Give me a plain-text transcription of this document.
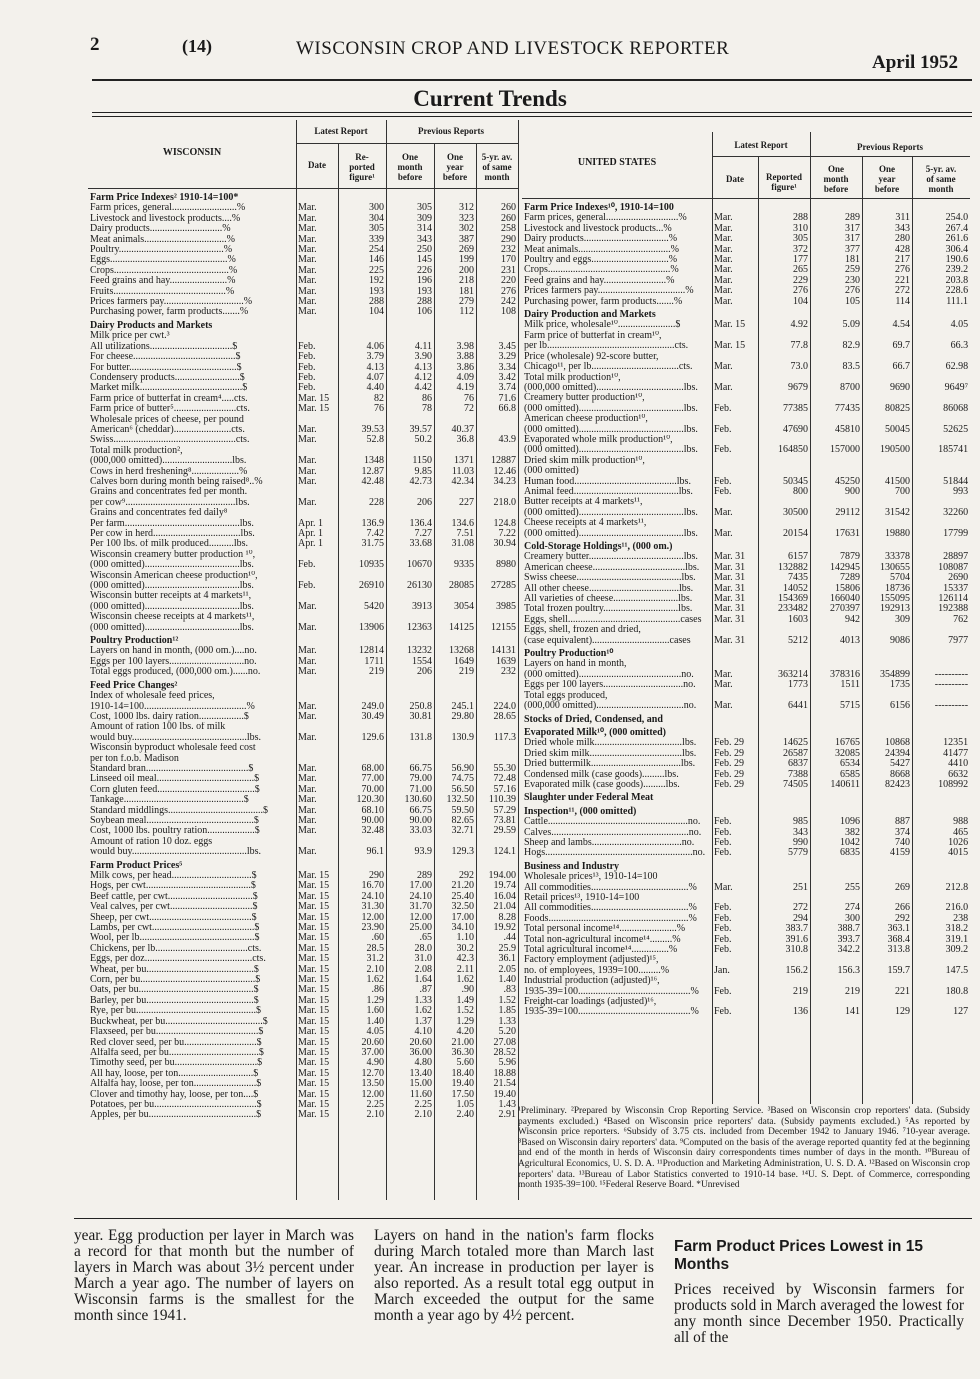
2	(14)	WISCONSIN CROP AND LIVESTOCK REPORTER
April 1952
Current Trends
WISCONSIN
Latest Report	Previous Reports
Date
Re-
ported
figure¹
One
month
before
One
year
before
5-yr. av.
of same
month
Farm Price Indexes² 1910-14=100*					
Farm prices, general..........................%	Mar.	300	305	312	260
Livestock and livestock products....%	Mar.	304	309	323	260
Dairy products.............................%	Mar.	305	314	302	258
Meat animals.................................%	Mar.	339	343	387	290
Poultry..........................................%	Mar.	254	250	269	232
Eggs...............................................%	Mar.	146	145	199	170
Crops..............................................%	Mar.	225	226	200	231
Feed grains and hay.......................%	Mar.	192	196	218	220
Fruits.............................................%	Mar.	193	193	181	276
Prices farmers pay................................%	Mar.	288	288	279	242
Purchasing power, farm products.......%	Mar.	104	106	112	108
Dairy Products and Markets					
Milk price per cwt.³					
All utilizations.................................$	Feb.	4.06	4.11	3.98	3.45
For cheese.........................................$	Feb.	3.79	3.90	3.88	3.29
For butter...........................................$	Feb.	4.13	4.13	3.86	3.34
Condensery products..........................$	Feb.	4.07	4.12	4.09	3.42
Market milk.........................................$	Feb.	4.40	4.42	4.19	3.74
Farm price of butterfat in cream⁴.....cts.	Mar. 15	82	86	76	71.6
Farm price of butter⁵.........................cts.	Mar. 15	76	78	72	66.8
Wholesale prices of cheese, per pound					
American⁶ (cheddar).......................cts.	Mar.	39.53	39.57	40.37	
Swiss.................................................cts.	Mar.	52.8	50.2	36.8	43.9
Total milk production²,					
(000,000 omitted)............................lbs.	Mar.	1348	1150	1371	12887
Cows in herd freshening⁸...................%	Mar.	12.87	9.85	11.03	12.46
Calves born during month being raised⁸..%	Mar.	42.48	42.73	42.34	34.23
Grains and concentrates fed per month.					
per cow⁹............................................lbs.	Mar.	228	206	227	218.0
Grains and concentrates fed daily⁸					
Per farm..............................................lbs.	Apr. 1	136.9	136.4	134.6	124.8
Per cow in herd...................................lbs.	Apr. 1	7.42	7.27	7.51	7.22
Per 100 lbs. of milk produced..........lbs.	Apr. 1	31.75	33.68	31.08	30.94
Wisconsin creamery butter production ¹⁰,					
(000 omitted)......................................lbs.	Feb.	10935	10670	9335	8980
Wisconsin American cheese production¹⁰,					
(000 omitted)......................................lbs.	Feb.	26910	26130	28085	27285
Wisconsin butter receipts at 4 markets¹¹,					
(000 omitted)......................................lbs.	Mar.	5420	3913	3054	3985
Wisconsin cheese receipts at 4 markets¹¹,					
(000 omitted)......................................lbs.	Mar.	13906	12363	14125	12155
Poultry Production¹²					
Layers on hand in month, (000 om.)....no.	Mar.	12814	13232	13268	14131
Eggs per 100 layers..............................no.	Mar.	1711	1554	1649	1639
Total eggs produced, (000,000 om.)......no.	Mar.	219	206	219	232
Feed Price Changes²					
Index of wholesale feed prices,					
1910-14=100.........................................%	Mar.	249.0	250.8	245.1	224.0
Cost, 1000 lbs. dairy ration..................$	Mar.	30.49	30.81	29.80	28.65
Amount of ration 100 lbs. of milk					
would buy..............................................lbs.	Mar.	129.6	131.8	130.9	117.3
Wisconsin byproduct wholesale feed cost					
per ton f.o.b. Madison					
Standard bran.........................................$	Mar.	68.00	66.75	56.90	55.30
Linseed oil meal.......................................$	Mar.	77.00	79.00	74.75	72.48
Corn gluten feed.......................................$	Mar.	70.00	71.00	56.50	57.16
Tankage................................................$	Mar.	120.30	130.60	132.50	110.39
Standard middlings......................................$	Mar.	68.10	66.75	59.50	57.29
Soybean meal...........................................$	Mar.	90.00	90.00	82.65	73.81
Cost, 1000 lbs. poultry ration...................$	Mar.	32.48	33.03	32.71	29.59
Amount of ration 10 doz. eggs					
would buy..............................................lbs.	Mar.	96.1	93.9	129.3	124.1
Farm Product Prices⁵					
Milk cows, per head................................$	Mar. 15	290	289	292	194.00
Hogs, per cwt..........................................$	Mar. 15	16.70	17.00	21.20	19.74
Beef cattle, per cwt..................................$	Mar. 15	24.10	24.10	25.40	16.04
Veal calves, per cwt.................................$	Mar. 15	31.30	31.70	32.50	21.04
Sheep, per cwt.........................................$	Mar. 15	12.00	12.00	17.00	8.28
Lambs, per cwt.........................................$	Mar. 15	23.90	25.00	34.10	19.92
Wool, per lb..............................................$	Mar. 15	.60	.65	1.10	.44
Chickens, per lb.....................................cts.	Mar. 15	28.5	28.0	30.2	25.9
Eggs, per doz...........................................cts.	Mar. 15	31.2	31.0	42.3	36.1
Wheat, per bu...........................................$	Mar. 15	2.10	2.08	2.11	2.05
Corn, per bu..............................................$	Mar. 15	1.62	1.64	1.62	1.40
Oats, per bu..............................................$	Mar. 15	.86	.87	.90	.83
Barley, per bu...........................................$	Mar. 15	1.29	1.33	1.49	1.52
Rye, per bu................................................$	Mar. 15	1.60	1.62	1.52	1.85
Buckwheat, per bu.......................................$	Mar. 15	1.40	1.37	1.29	1.33
Flaxseed, per bu.........................................$	Mar. 15	4.05	4.10	4.20	5.20
Red clover seed, per bu.............................$	Mar. 15	20.60	20.60	21.00	27.08
Alfalfa seed, per bu....................................$	Mar. 15	37.00	36.00	36.30	28.52
Timothy seed, per bu.................................$	Mar. 15	4.90	4.80	5.60	5.96
All hay, loose, per ton..............................$	Mar. 15	12.70	13.40	18.40	18.88
Alfalfa hay, loose, per ton.........................$	Mar. 15	13.50	15.00	19.40	21.54
Clover and timothy hay, loose, per ton....$	Mar. 15	12.00	11.60	17.50	19.40
Potatoes, per bu.........................................$	Mar. 15	2.25	2.25	1.05	1.43
Apples, per bu...........................................$	Mar. 15	2.10	2.10	2.40	2.91
UNITED STATES
Latest Report	Previous Reports
Date	Reported
figure¹
One
month
before
One
year
before
5-yr. av.
of same
month
Farm Price Indexes¹⁰, 1910-14=100					
Farm prices, general.............................%	Mar.	288	289	311	254.0
Livestock and livestock products...%	Mar.	310	317	343	267.4
Dairy products..................................%	Mar.	305	317	280	261.6
Meat animals.....................................%	Mar.	372	377	428	306.4
Poultry and eggs...............................%	Mar.	177	181	217	190.6
Crops.................................................%	Mar.	265	259	276	239.2
Feed grains and hay.........................%	Mar.	229	230	221	203.8
Prices farmers pay...................................%	Mar.	276	276	272	228.6
Purchasing power, farm products.......%	Mar.	104	105	114	111.1
Dairy Production and Markets					
Milk price, wholesale¹⁰.......................$	Mar. 15	4.92	5.09	4.54	4.05
Farm price of butterfat in cream¹⁰,					
per lb...................................................cts.	Mar. 15	77.8	82.9	69.7	66.3
Price (wholesale) 92-score butter,					
Chicago¹¹, per lb...................................cts.	Mar.	73.0	83.5	66.7	62.98
Total milk production¹⁰,					
(000,000 omitted)...................................lbs.	Mar.	9679	8700	9690	9649⁷
Creamery butter production¹⁰,					
(000 omitted)..........................................lbs.	Feb.	77385	77435	80825	86068
American cheese production¹⁰,					
(000 omitted)..........................................lbs.	Feb.	47690	45810	50045	52625
Evaporated whole milk production¹⁰,					
(000 omitted)..........................................lbs.	Feb.	164850	157000	190500	185741
Dried skim milk production¹⁰,					
(000 omitted)					
Human food.........................................lbs.	Feb.	50345	45250	41500	51844
Animal feed..........................................lbs.	Feb.	800	900	700	993
Butter receipts at 4 markets¹¹,					
(000 omitted)..........................................lbs.	Mar.	30500	29112	31542	32260
Cheese receipts at 4 markets¹¹,					
(000 omitted)..........................................lbs.	Mar.	20154	17631	19880	17799
Cold-Storage Holdings¹¹, (000 om.)					
Creamery butter......................................lbs.	Mar. 31	6157	7879	33378	28897
American cheese.....................................lbs.	Mar. 31	132882	142945	130655	108087
Swiss cheese..........................................lbs.	Mar. 31	7435	7289	5704	2690
All other cheese....................................lbs.	Mar. 31	14052	15806	18736	15337
All varieties of cheese..........................lbs.	Mar. 31	154369	166040	155095	126114
Total frozen poultry..............................lbs.	Mar. 31	233482	270397	192913	192388
Eggs, shell.............................................cases	Mar. 31	1603	942	309	762
Eggs, shell, frozen and dried,					
(case equivalent)...............................cases	Mar. 31	5212	4013	9086	7977
Poultry Production¹⁰					
Layers on hand in month,					
(000 omitted).........................................no.	Mar.	363214	378316	354899	----------
Eggs per 100 layers................................no.	Mar.	1773	1511	1735	----------
Total eggs produced,					
(000,000 omitted)...................................no.	Mar.	6441	5715	6156	----------
Stocks of Dried, Condensed, and					
Evaporated Milk¹⁰, (000 omitted)					
Dried whole milk...................................lbs.	Feb. 29	14625	16765	10868	12351
Dried skim milk.....................................lbs.	Feb. 29	26587	32085	24394	41477
Dried buttermilk....................................lbs.	Feb. 29	6837	6534	5427	4410
Condensed milk (case goods).........lbs.	Feb. 29	7388	6585	8668	6632
Evaporated milk (case goods).........lbs.	Feb. 29	74505	140611	82423	108992
Slaughter under Federal Meat					
Inspection¹¹, (000 omitted)					
Cattle........................................................no.	Feb.	985	1096	887	988
Calves.......................................................no.	Feb.	343	382	374	465
Sheep and lambs....................................no.	Feb.	990	1042	740	1026
Hogs...........................................................no.	Feb.	5779	6835	4159	4015
Business and Industry					
Wholesale prices¹³, 1910-14=100					
All commodities.......................................%	Mar.	251	255	269	212.8
Retail prices¹³, 1910-14=100					
All commodities.......................................%	Feb.	272	274	266	216.0
Foods........................................................%	Feb.	294	300	292	238
Total personal income¹⁴.......................%	Feb.	383.7	388.7	363.1	318.2
Total non-agricultural income¹⁴.........%	Feb.	391.6	393.7	368.4	319.1
Total agricultural income¹⁴...............%	Feb.	310.8	342.2	313.8	309.2
Factory employment (adjusted)¹⁵,					
no. of employees, 1939=100.........%	Jan.	156.2	156.3	159.7	147.5
Industrial production (adjusted)¹⁶,					
1935-39=100.............................................%	Feb.	219	219	221	180.8
Freight-car loadings (adjusted)¹⁶,					
1935-39=100.............................................%	Feb.	136	141	129	127
¹Preliminary. ²Prepared by Wisconsin Crop Reporting Service. ³Based on Wisconsin crop reporters' data. (Subsidy payments excluded.) ⁴Based on Wisconsin price reporters' data. (Subsidy payments excluded.) ⁵As reported by Wisconsin price reporters. ⁶Subsidy of 3.75 cts. included from December 1942 to January 1946. ⁷10-year average. ⁸Based on Wisconsin dairy reporters' data. ⁹Computed on the basis of the average reported quantity fed at the beginning and end of the month in herds of Wisconsin dairy correspondents times number of days in the month. ¹⁰Bureau of Agricultural Economics, U. S. D. A. ¹¹Production and Marketing Administration, U. S. D. A. ¹²Based on Wisconsin crop reporters' data. ¹³Bureau of Labor Statistics converted to 1910-14 base. ¹⁴U. S. Dept. of Commerce, corresponding month 1935-39=100. ¹⁵Federal Reserve Board. *Unrevised
year. Egg production per layer in March was a record for that month but the number of layers in March was about 3½ percent under March a year ago. The number of layers on Wisconsin farms is the smallest for the month since 1941.
Layers on hand in the nation's farm flocks during March totaled more than March last year. An increase in production per layer is also reported. As a result total egg output in March exceeded the output for the same month a year ago by 4½ percent.
Farm Product Prices Lowest in 15 Months
Prices received by Wisconsin farmers for products sold in March averaged the lowest for any month since December 1950. Practically all of the
